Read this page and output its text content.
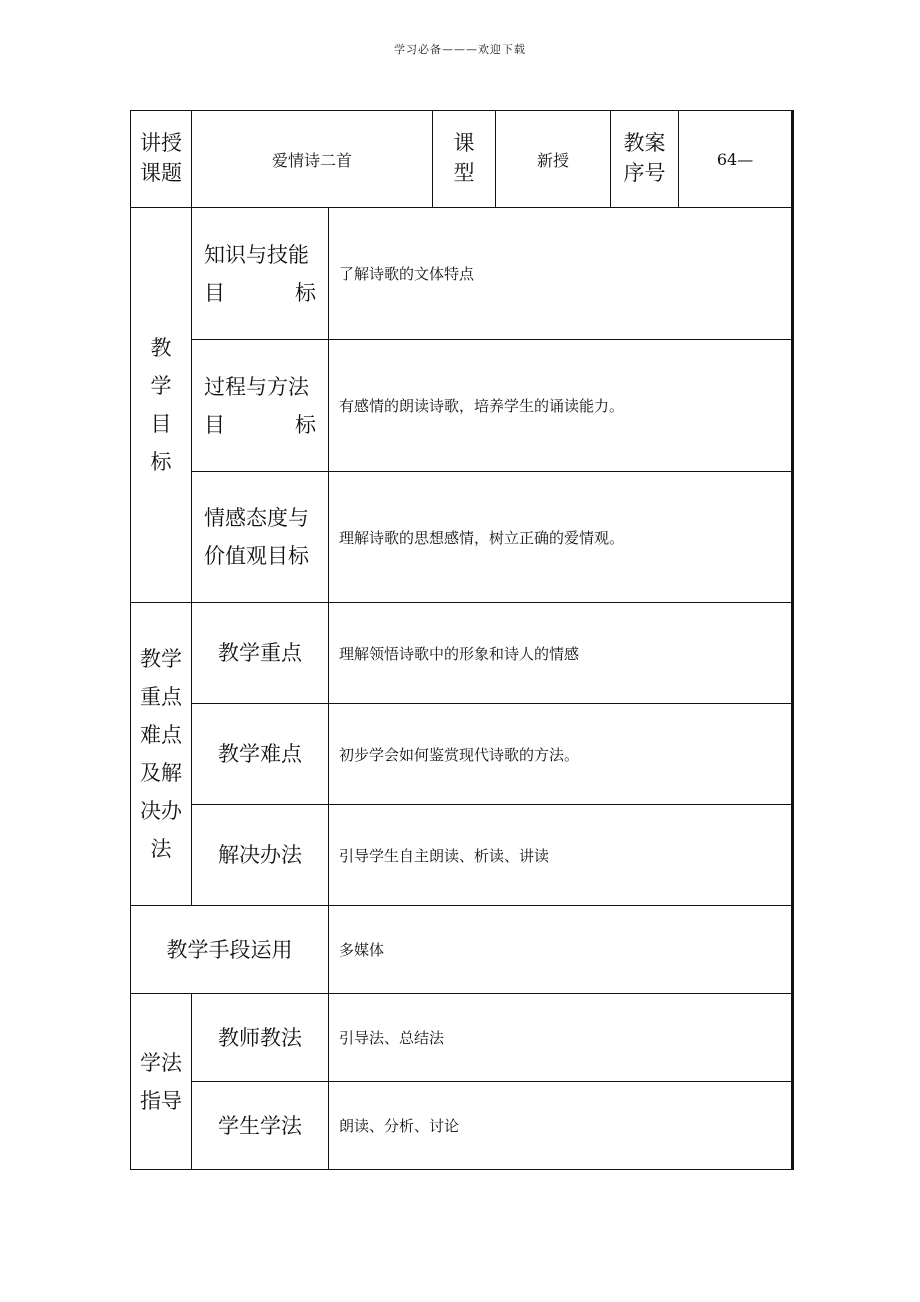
学习必备———欢迎下载
讲授课题	爱情诗二首		课型	新授	教案序号	64—
教学目标	知识与技能
目 标	了解诗歌的文体特点				

	过程与方法
目 标	有感情的朗读诗歌，培养学生的诵读能力。				

	情感态度与
价值观目标	理解诗歌的思想感情，树立正确的爱情观。				
教学重点难点及解决办法	教学重点	理解领悟诗歌中的形象和诗人的情感				
	教学难点	初步学会如何鉴赏现代诗歌的方法。				
	解决办法	引导学生自主朗读、析读、讲读				
教学手段运用		多媒体				
学法指导	教师教法	引导法、总结法				
	学生学法	朗读、分析、讨论				
